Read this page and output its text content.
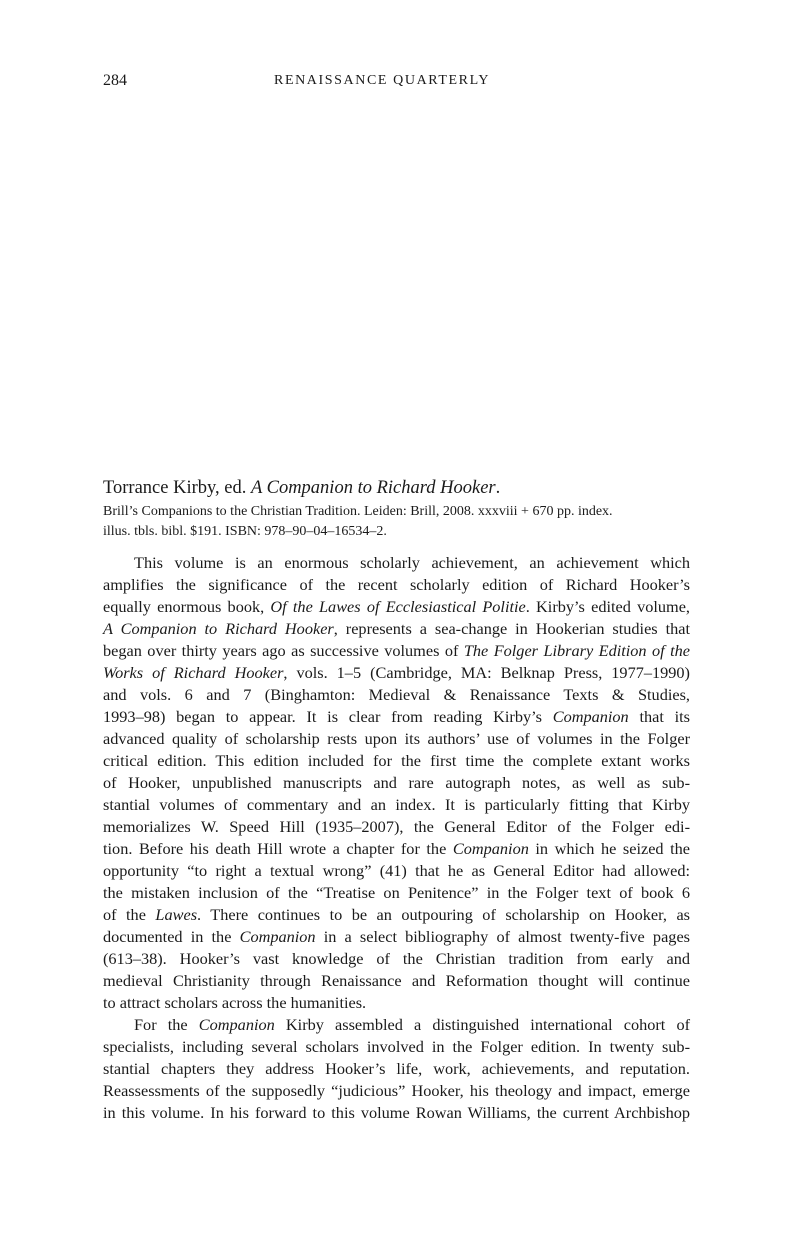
284	RENAISSANCE QUARTERLY

Torrance Kirby, ed. A Companion to Richard Hooker.

Brill’s Companions to the Christian Tradition. Leiden: Brill, 2008. xxxviii + 670 pp. index.
illus. tbls. bibl. $191. ISBN: 978–90–04–16534–2.

This volume is an enormous scholarly achievement, an achievement which
amplifies the significance of the recent scholarly edition of Richard Hooker’s
equally enormous book, Of the Lawes of Ecclesiastical Politie. Kirby’s edited volume,
A Companion to Richard Hooker, represents a sea-change in Hookerian studies that
began over thirty years ago as successive volumes of The Folger Library Edition of the
Works of Richard Hooker, vols. 1–5 (Cambridge, MA: Belknap Press, 1977–1990)
and vols. 6 and 7 (Binghamton: Medieval & Renaissance Texts & Studies,
1993–98) began to appear. It is clear from reading Kirby’s Companion that its
advanced quality of scholarship rests upon its authors’ use of volumes in the Folger
critical edition. This edition included for the first time the complete extant works
of Hooker, unpublished manuscripts and rare autograph notes, as well as sub-
stantial volumes of commentary and an index. It is particularly fitting that Kirby
memorializes W. Speed Hill (1935–2007), the General Editor of the Folger edi-
tion. Before his death Hill wrote a chapter for the Companion in which he seized the
opportunity “to right a textual wrong” (41) that he as General Editor had allowed:
the mistaken inclusion of the “Treatise on Penitence” in the Folger text of book 6
of the Lawes. There continues to be an outpouring of scholarship on Hooker, as
documented in the Companion in a select bibliography of almost twenty-five pages
(613–38). Hooker’s vast knowledge of the Christian tradition from early and
medieval Christianity through Renaissance and Reformation thought will continue
to attract scholars across the humanities.
For the Companion Kirby assembled a distinguished international cohort of
specialists, including several scholars involved in the Folger edition. In twenty sub-
stantial chapters they address Hooker’s life, work, achievements, and reputation.
Reassessments of the supposedly “judicious” Hooker, his theology and impact, emerge
in this volume. In his forward to this volume Rowan Williams, the current Archbishop
